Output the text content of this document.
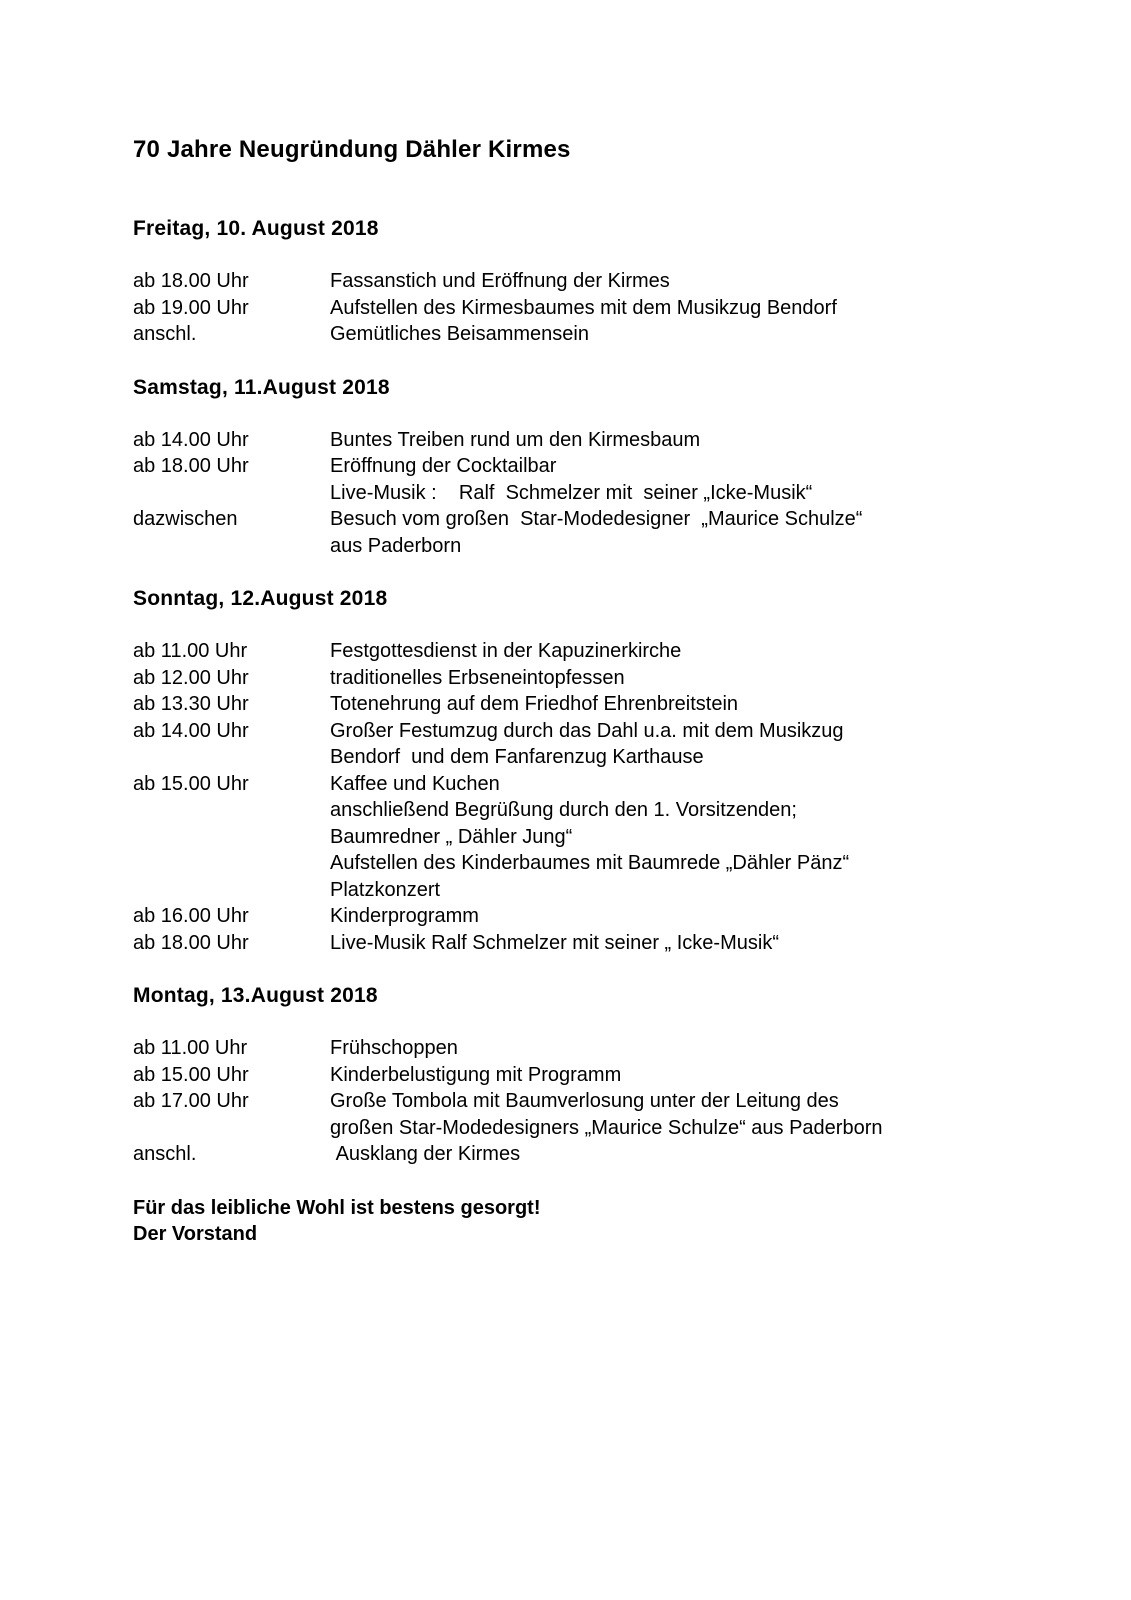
70 Jahre Neugründung Dähler Kirmes
Freitag, 10. August 2018
ab 18.00 Uhr	Fassanstich und Eröffnung der Kirmes
ab 19.00 Uhr	Aufstellen des Kirmesbaumes mit dem Musikzug Bendorf
anschl.	Gemütliches Beisammensein
Samstag, 11.August 2018
ab 14.00 Uhr	Buntes Treiben rund um den Kirmesbaum
ab 18.00 Uhr	Eröffnung der Cocktailbar
Live-Musik :    Ralf  Schmelzer mit  seiner „Icke-Musik“
dazwischen	Besuch vom großen  Star-Modedesigner  „Maurice Schulze“
aus Paderborn
Sonntag, 12.August 2018
ab 11.00 Uhr	Festgottesdienst in der Kapuzinerkirche
ab 12.00 Uhr	traditionelles Erbseneintopfessen
ab 13.30 Uhr	Totenehrung auf dem Friedhof Ehrenbreitstein
ab 14.00 Uhr	Großer Festumzug durch das Dahl u.a. mit dem Musikzug
Bendorf  und dem Fanfarenzug Karthause
ab 15.00 Uhr	Kaffee und Kuchen
anschließend Begrüßung durch den 1. Vorsitzenden;
Baumredner „ Dähler Jung“
Aufstellen des Kinderbaumes mit Baumrede „Dähler Pänz“
Platzkonzert
ab 16.00 Uhr	Kinderprogramm
ab 18.00 Uhr	Live-Musik Ralf Schmelzer mit seiner „ Icke-Musik“
Montag, 13.August 2018
ab 11.00 Uhr	Frühschoppen
ab 15.00 Uhr	Kinderbelustigung mit Programm
ab 17.00 Uhr	Große Tombola mit Baumverlosung unter der Leitung des
großen Star-Modedesigners „Maurice Schulze“ aus Paderborn
anschl.	Ausklang der Kirmes

Für das leibliche Wohl ist bestens gesorgt!

Der Vorstand
